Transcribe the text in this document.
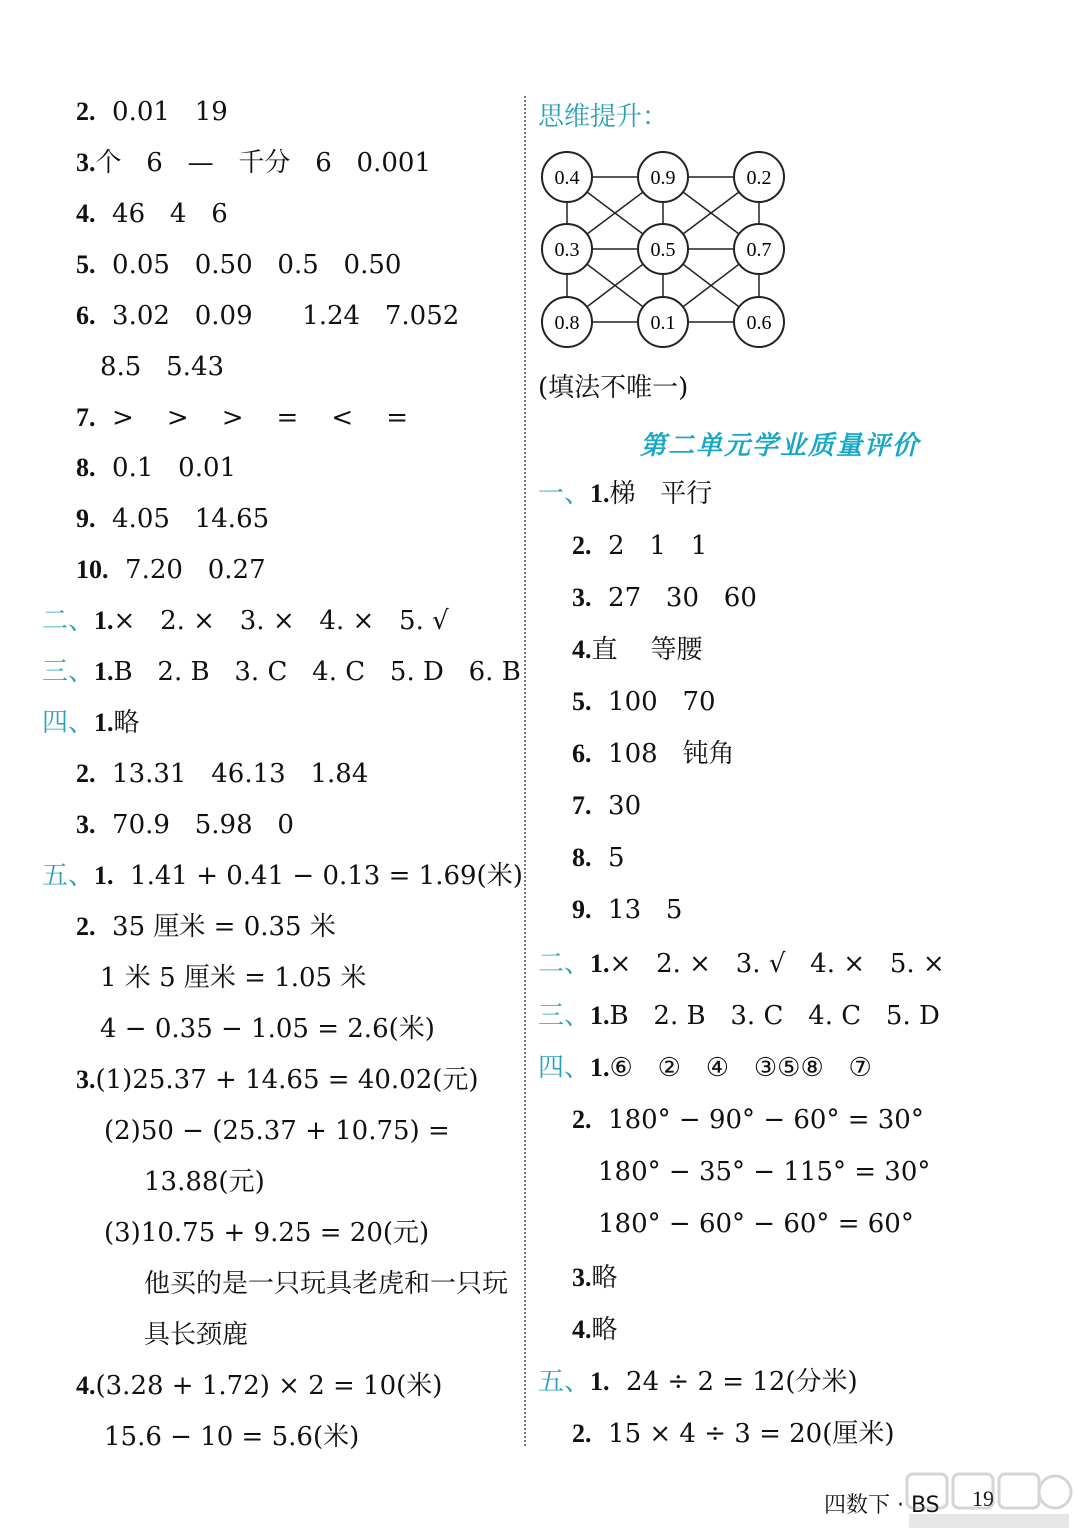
思维提升：
0.4	0.9	0.2
0.3	0.5	0.7
0.8	0.1	0.6
(填法不唯一)
第二单元学业质量评价
四数下 · BS 19
2.  0.01   19
3.个   6   —   千分   6   0.001
4.  46   4   6
5.  0.05   0.50   0.5   0.50
6.  3.02   0.09      1.24   7.052
8.5   5.43
7.  >    >    >    =    <    =
8.  0.1   0.01
9.  4.05   14.65
10.  7.20   0.27
二、1.×   2. ×   3. ×   4. ×   5. √
三、1.B   2. B   3. C   4. C   5. D   6. B
四、1.略
2.  13.31   46.13   1.84
3.  70.9   5.98   0
五、1.  1.41 + 0.41 − 0.13 = 1.69(米)
2.  35 厘米 = 0.35 米
1 米 5 厘米 = 1.05 米
4 − 0.35 − 1.05 = 2.6(米)
3.(1)25.37 + 14.65 = 40.02(元)
(2)50 − (25.37 + 10.75) =
13.88(元)
(3)10.75 + 9.25 = 20(元)
他买的是一只玩具老虎和一只玩
具长颈鹿
4.(3.28 + 1.72) × 2 = 10(米)
15.6 − 10 = 5.6(米)
一、1.梯   平行
2.  2   1   1
3.  27   30   60
4.直    等腰
5.  100   70
6.  108   钝角
7.  30
8.  5
9.  13   5
二、1.×   2. ×   3. √   4. ×   5. ×
三、1.B   2. B   3. C   4. C   5. D
四、1.⑥   ②   ④   ③⑤⑧   ⑦
2.  180° − 90° − 60° = 30°
180° − 35° − 115° = 30°
180° − 60° − 60° = 60°
3.略
4.略
五、1.  24 ÷ 2 = 12(分米)
2.  15 × 4 ÷ 3 = 20(厘米)
